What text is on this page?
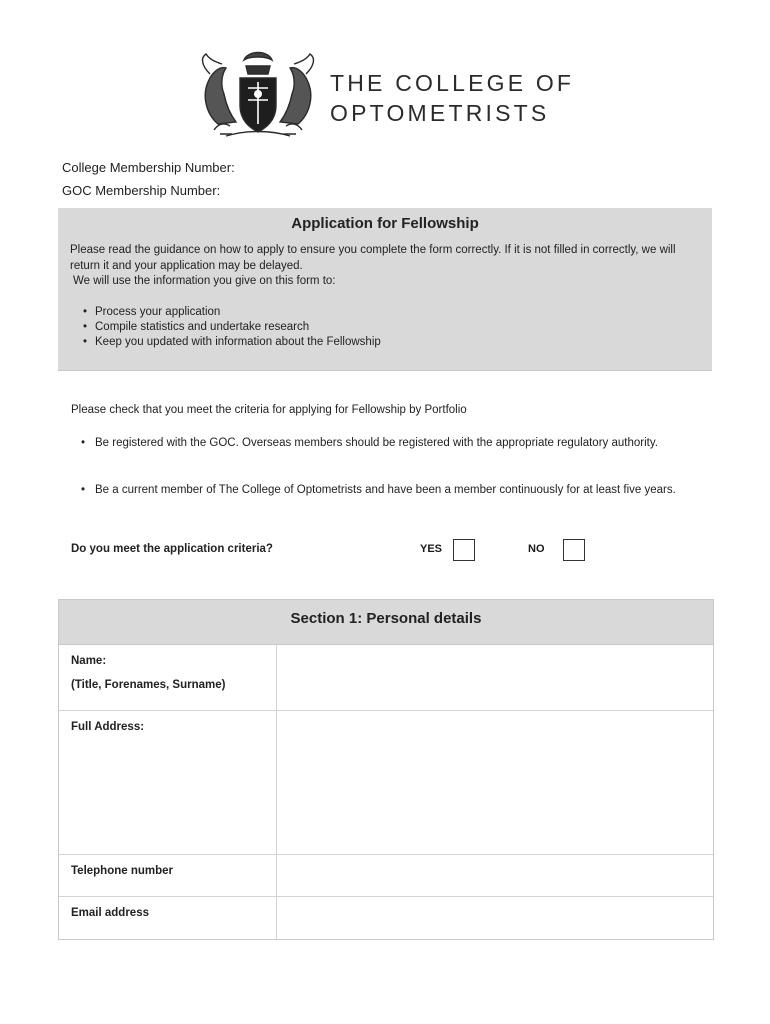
THE COLLEGE OF
OPTOMETRISTS
College Membership Number:
GOC Membership Number:
Application for Fellowship
Please read the guidance on how to apply to ensure you complete the form correctly. If it is not filled in correctly, we will return it and your application may be delayed.
We will use the information you give on this form to:
• Process your application
• Compile statistics and undertake research
• Keep you updated with information about the Fellowship
Please check that you meet the criteria for applying for Fellowship by Portfolio
• Be registered with the GOC. Overseas members should be registered with the appropriate regulatory authority.
• Be a current member of The College of Optometrists and have been a member continuously for at least five years.
Do you meet the application criteria?	YES	NO
Section 1: Personal details
Name:
(Title, Forenames, Surname)
Full Address:
Telephone number
Email address
